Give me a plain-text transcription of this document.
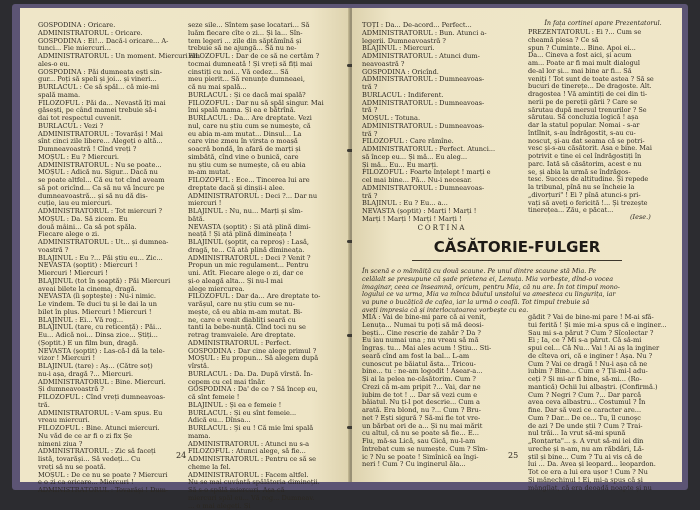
GOSPODINA : Oricare.

ADMINISTRATORUL : Oricare.

GOSPODINA : Ei!... Dacă-i oricare... A-

tunci... Fie miercuri...

ADMINISTRATORUL : Un moment. Miercuri am

ales-o eu.

GOSPODINA : Păi dumneata ești sin-

gur... Poți să speli și joi... și vineri...

BURLACUL : Ce să spăl... că mie-mi

spală mama.

FILOZOFUL : Păi da... Nevastă îți mai

găsești, pe când mamei trebuie să-i

dai tot respectul cuvenit.

BURLACUL : Vezi ?

ADMINISTRATORUL : Tovarăși ! Mai

sînt cinci zile libere... Alegeți o altă...

Dumneavoastră ! Cînd vreți ?

MOȘUL : Eu ? Miercuri.

ADMINISTRATORUL : Nu se poate...

MOȘUL : Adică nu. Sigur... Dacă nu

se poate altfel... Că eu tot cînd aveam

să pot oricînd... Ca să nu vă încurc pe

dumneavoastră... și să nu dă dis-

cuție, iau eu miercuri.

ADMINISTRATORUL : Tot miercuri ?

MOȘUL : Da. Să zicem. Eu

două mâini... Ca să pot spăla.

Fiecare alege o zi.

ADMINISTRATORUL : Ut... și dumnea-

voastră ?

BLAJINUL : Eu ?... Păi știu eu... Zic...

NEVASTA (șoptit) : Miercuri !

Miercuri ! Miercuri !

BLAJINUL (tot în șoaptă) : Păi Miercuri

aveai bilete la cinema, dragă.

NEVASTA (îi șoptește) : Nu-i nimic.

Le vindem. Te duci tu și le dai la un

bilet în plus. Miercuri ! Miercuri !

BLAJINUL : Ei... Vă rog...

BLAJINUL (tare, cu reticență) : Păi...

Eu... Adică noi... Dinsa zice... Știți...

(Șoptit.) E un film bun, dragă.

NEVASTA (șoptit) : Las-că-l dă la tele-

vizor ! Miercuri !

BLAJINUL (tare) : Aș... (Către soț)

nu-i așa, dragă ?... Miercuri.

ADMINISTRATORUL : Bine. Miercuri.

Și dumneavoastră ?

FILOZOFUL : Cînd vreți dumneavoas-

tră.

ADMINISTRATORUL : V-am spus. Eu

vreau miercuri.

FILOZOFUL : Bine. Atunci miercuri.

Nu văd de ce ar fi o zi fix Șe

nimeni ziua ?

ADMINISTRATORUL : Zic să faceți

listă, tovarăși... Să vedeți... Cu

vreți să nu se poată.

MOȘUL : De ce nu se poate ? Miercuri

e o zi ca oricare... Miercuri !

ADMINISTRATORUL : Tovarăși ! Dum-

seze sile... Sîntem șase locatari... Să

luăm fiecare cîte o zi... Și la... Sîn-

tem legeri ... zile din săptămînă și

trebuie să ne ajungă... Să nu ne-

FILOZOFUL : Dar de ce să ne certăm ?

tocmai dumneată ! Și vreți să fiți mai

cinstiți cu noi... Vă cedez... Să

meu pierit... Să renunțe dumneaei,

că nu mai spală...

BURLACUL : Și ce dacă mai spală?

FILOZOFUL : Dar nu să spăl singur. Mai

îmi spală mama. Și ea e bătrînă.

BURLACUL : Da... Are dreptate. Vezi

nul, care nu știu cum se numește, că

eu abia m-am mutat... Dinsul... La

care vine zmeu în virsta o moașă

soacră bondă, în afară de marți și

simbătă, cînd vine o bunică, care

nu știu cum se numește, că eu abia

m-am mutat.

FILOZOFUL : Ece... Tincerea lui are

dreptate dacă și dinșii-i alee.

ADMINISTRATORUL : Deci ?... Dar nu

miercuri !

BLAJINUL : Nu, nu... Marți și sîm-

bătă.

NEVASTA (șoptit) : Și atâ plină dimi-

neață ! Și atâ plină dimineața !

BLAJINUL (șoptit, ca reproș) : Lasă,

dragă, te... Că atâ plină dimineața.

ADMINISTRATORUL : Deci ? Venit ?

Propun un mic regulament... Pentru

uni. Atît. Fiecare alege o zi, dar ce

și-o aleagă alta... Și nu-l mai

alege miercurea.

FILOZOFUL : Dar da... Are dreptate to-

varășul, care nu știu cum se nu-

mește, că eu abia m-am mutat. Bi-

ne, care e venit diabliți seară cu

tanti la bebe-nunță. Cînd toci nu se

retrag tramvaiele. Are dreptate.

ADMINISTRATORUL : Perfect.

GOSPODINA : Dar cine alege primul ?

MOȘUL : Eu propun... Să alegem după

vîrstă.

BURLACUL : Da. Da. După vîrstă. În-

cepem cu cel mai tînăr.

GOSPODINA : Da' de ce ? Să încep eu,

că sînt femeie !

BLAJINUL : Și ea e femeie !

BURLACUL : Și eu sînt femeie...

Adică eu... Dînsa...

BURLACUL : Și eu ! Că mie îmi spală

mama.

ADMINISTRATORUL : Atunci nu s-a

FILOZOFUL : Atunci alege, să fie...

ADMINISTRATORUL : Pentru ce să se

cheme la fel.

ADMINISTRATORUL : Facem altfel.

Nu se mai cuvântă spălătoria dimineții.

Să s-o spălă miercuri. Așa că

miercuri spăl eu... Vă rog... Dumneav.

... o mai alegeți. Și

24

TOȚI : Da... De-acord... Perfect...

ADMINISTRATORUL : Bun. Atunci a-

legerii. Dumneavoastră ?

BLAJINUL : Miercuri.

ADMINISTRATORUL : Atunci dum-

neavoastră ?

GOSPODINA : Oricînd.

ADMINISTRATORUL : Dumneavoas-

tră ?

BURLACUL : Indiferent.

ADMINISTRATORUL : Dumneavoas-

tră ?

MOȘUL : Totuna.

ADMINISTRATORUL : Dumneavoas-

tră ?

FILOZOFUL : Care rămîne.

ADMINISTRATORUL : Perfect. Atunci...

să încep eu... Și mă... Eu aleg...

Și mă... Eu... Eu marți.

FILOZOFUL : Foarte înțelept ! marți e

cel mai bine... Pă... Nu-i necesar.

ADMINISTRATORUL : Dumneavoas-

tră ?

BLAJINUL : Eu ? Eu... a...

NEVASTA (șoptit) : Marți ! Marți !

Marți ! Marți ! Marți ! Marți !

În fața cortinei apare Prezentatorul.

PREZENTATORUL : Ei ?... Cum se

cheamă piesa ? Ce să

spun ? Cuminte... Bine. Apoi ei...

Da... Cineva a fost aici, și acum

am... Poate ar fi mai mult dialogul

de-al lor și... mai bine ar fi... Să

veniți ! Tot sunt de toate astea ? Să se

bucuri de tinerețe... De dragoste. Alt.

dragostea ! Vă amintiți de cei din ti-

nerii pe de pereții gării ? Care se

sărutau după mersul trenurilor ? Se

sărutau. Să concluzia logică ! așa

dar la statul popular. Nomai - s-ar

întîlnit, s-au îndrăgostit, s-au cu-

noscut, și-au dat seama că se potri-

vesc și-s-au căsătorit. Asa e bine. Mai

potrivit e tine ei cel îndrăgostiți în

parc. Iată să căsătorim, acest e nu

se, și abia la urmă se îndrăgos-

tesc. Succes de altitudine. Și repede

la tribunal, pînă nu se încheie la

„divorțuri" ! Ei ? pînă atunci-s pri-

vați să aveți o fericită !... Și trezește

tinerețea... Zău, e păcat...

(Iese.)
CORTINA
CĂSĂTORIE-FULGER

În scenă e o mămăiță cu două scaune. Pe unul dintre scaune stă Mia. Pe

celălalt se presupune că șade prietena ei, Lenuța. Mia vorbește, dînd-o vocea

imaginar, ceea ce înseamnă, oricum, pentru Mia, că nu are. În tot timpul mono-

logului ce va urma, Mia va mînca băutul unstolui va amesteca cu lingurița, iar

va pune o bucățică de cafea, iar la urmă o coafă. Tot timpul trebuie să

aveți impresia că și interlocutoarea vorbește cu ea.

MIA : Vai de bine-mi pare că ai venit,

Lenuța... Numai tu poți să mă deosi-

bești... Cine rescrie de zahăr ? Da ?

Eu iau numai una ; nu vreau să mă

îngraș. tu... Mai ales acum ! Știu... Sti-

seară cînd am fost la bal... L-am

cunoscut pe băiatul ăsta... Tricou-

bine... tu : ne-am logodit ! Asear-a...

Și ai la pelea ne-căsătorim. Cum ?

Crezi că m-am pripit ?... Vai, dar ne

iubim de tot ! ... Dar să vezi cum e

băiatul. Nu ți-l pot descrie... Cum a

arată. Era blond, nu ?... Cum ? Bru-

net ? Ești sigură ? Să-mi fie tot vre-

un bărbat ori de a... Și nu mai mărit

cu altul, că nu se poate să fie... E...

Fiu, mă-sa Lică, sau Gică, nu-l-am

întrebat cum se numește. Cum ? Sîm-

ic ? Nu se poate ! Simînică ea îngi-

neri ! Cum ? Cu inginerul ăla...

gădit ? Vai de bine-mi pare ! M-ai sfă-

tui ferită ! Și mie mi-a spus că e inginer...

Sau mi s-a părut ? Cum ? Sîcolectar ?

Ei ; Ia, ce ? Mi s-a părut. Că să-mi

spui cel... Că Nu... Vai ! Ai aș la inginer

de cîteva ori, că e inginer ! Așa. Nu ?

Cum ? Vai ce dragă ! Nu-i așa că ne

iubim ? Bine... Cum e ? Ții-mi-l adu-

ceți ? Și mi-ar fi bine, să-mi... (Ro-

mantică) Ochii lui albaștri. (Confirmă.)

Cum ? Negri ? Cum ?... Dar parcă

avea ceva albastru... Costumul ? În

fine. Dar să vezi ce caracter are...

Cum ? Dar... De ce... Tu, îl cunoșc

de azi ? De unde știi ? Cum ? Trai-

nul trăi... Ia vrut să-mi spună

„Ronțarta"... ș. A vrut să-mi iei din

ureche și n-am, nu am răbdări, Lă-

știl și bine... Cum ? Tu ai vis că de

lui ... Da. Avea și leopard... leopardon.

Tot ce era a lui era ușor ! Cum ? Nu

Și mănechinul ! Ei, mi-a spus că și

mângîiat, că era deoadă noapte și nu

25
